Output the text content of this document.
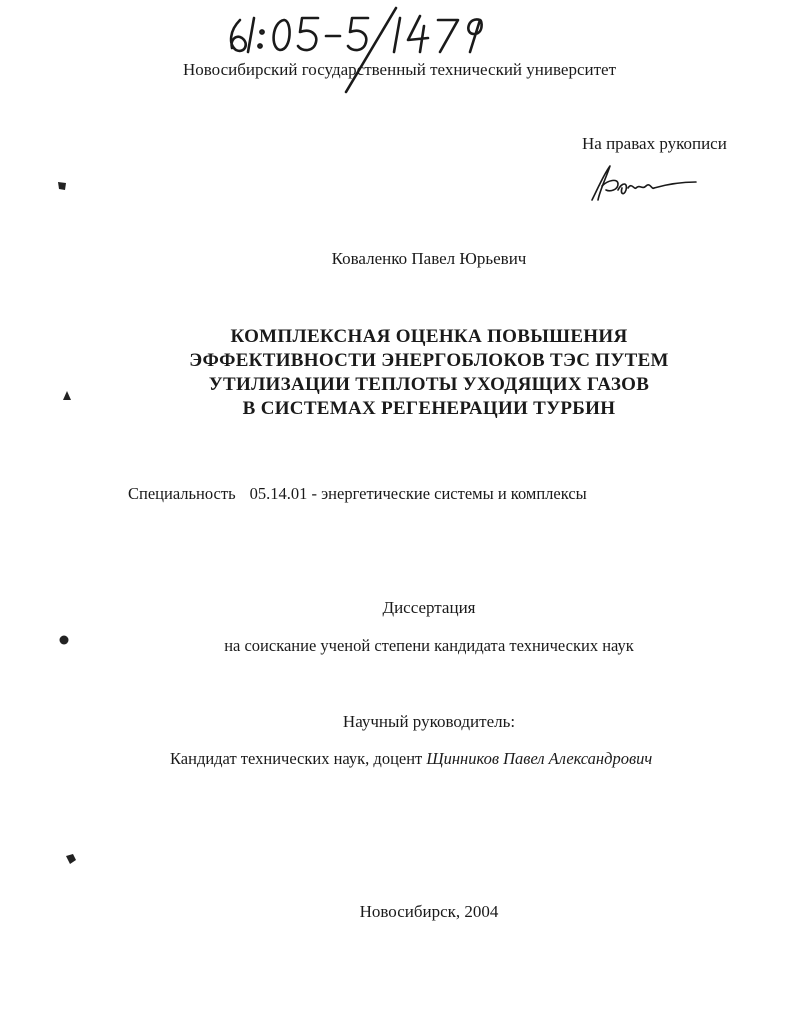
Новосибирский государственный технический университет
На правах рукописи
Коваленко Павел Юрьевич
КОМПЛЕКСНАЯ ОЦЕНКА ПОВЫШЕНИЯ
ЭФФЕКТИВНОСТИ ЭНЕРГОБЛОКОВ ТЭС ПУТЕМ
УТИЛИЗАЦИИ ТЕПЛОТЫ УХОДЯЩИХ ГАЗОВ
В СИСТЕМАХ РЕГЕНЕРАЦИИ ТУРБИН
Специальность 05.14.01 - энергетические системы и комплексы
Диссертация
на соискание ученой степени кандидата технических наук
Научный руководитель:
Кандидат технических наук, доцент Щинников Павел Александрович
Новосибирск, 2004
